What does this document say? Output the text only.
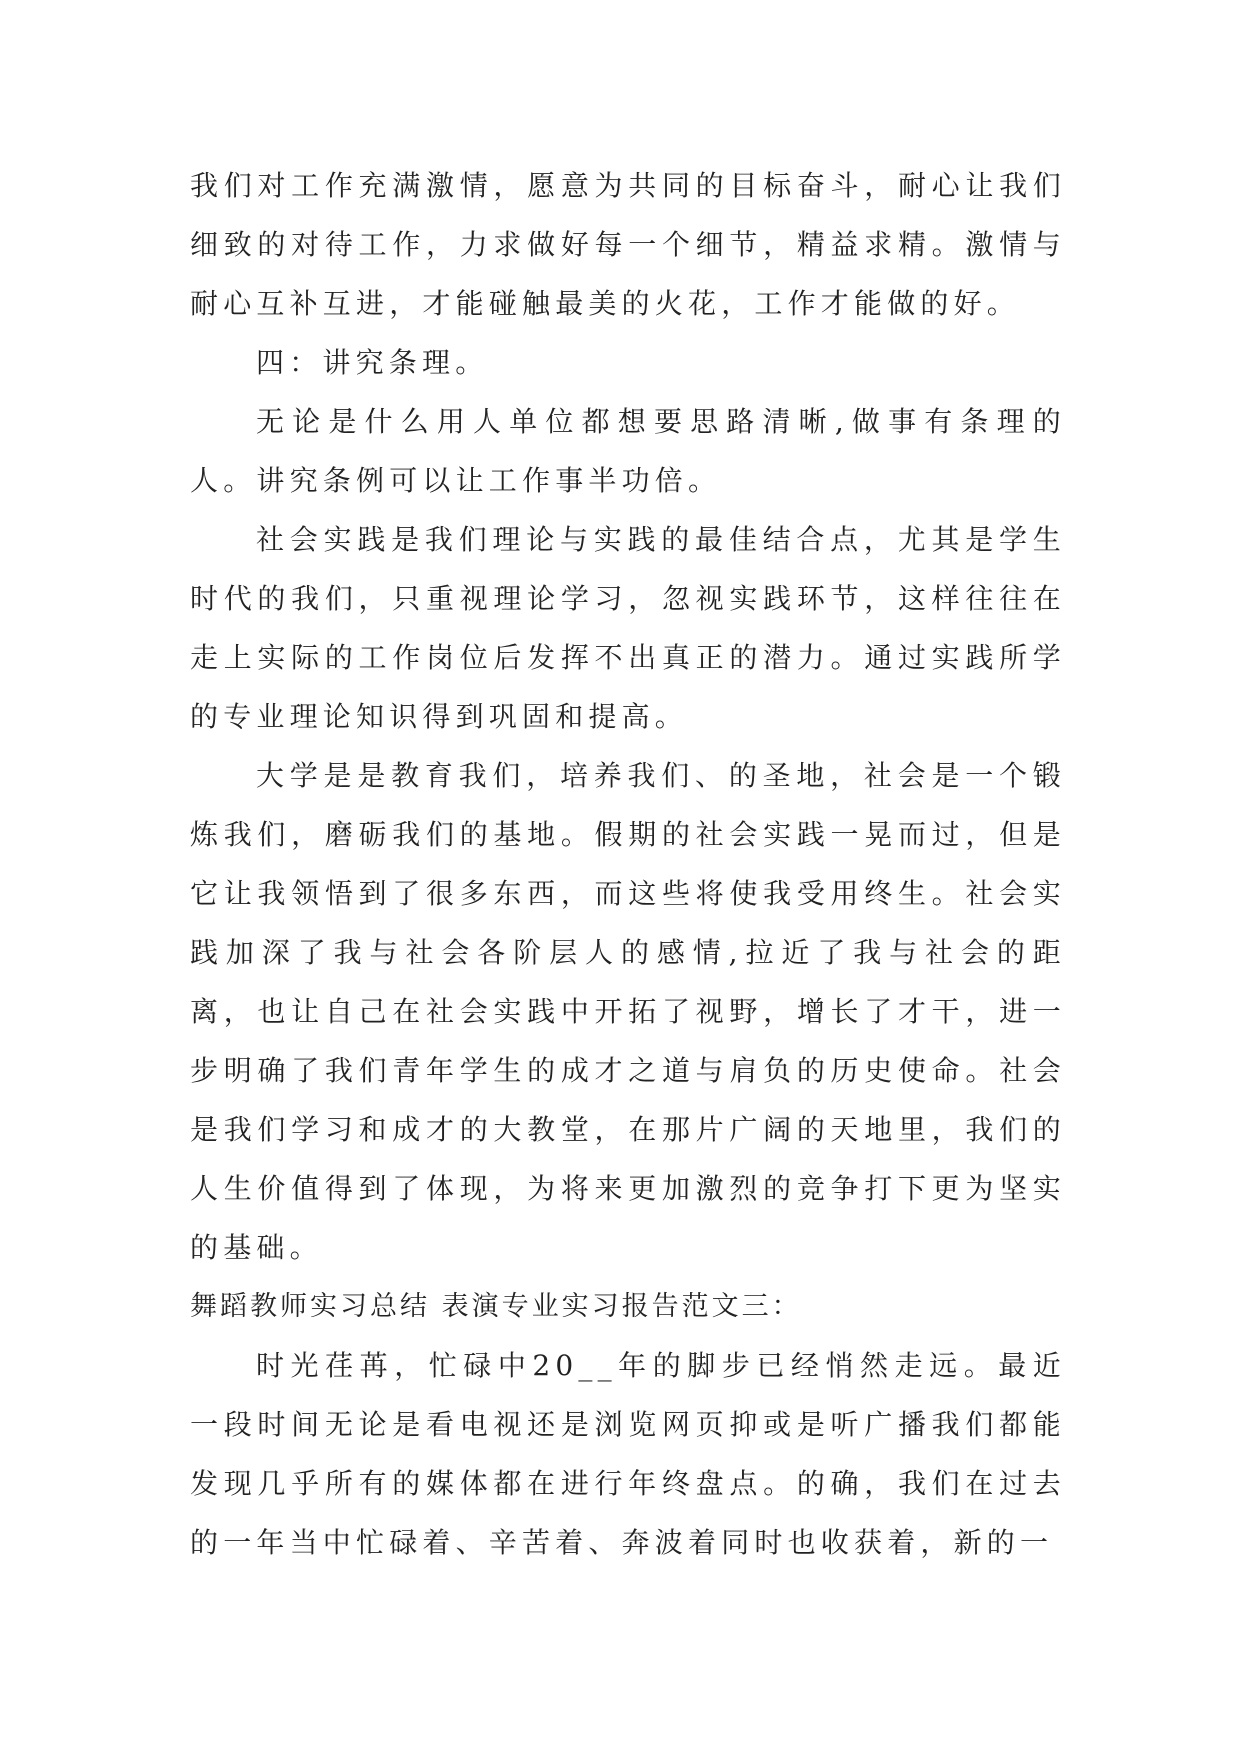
我们对工作充满激情，愿意为共同的目标奋斗，耐心让我们细致的对待工作，力求做好每一个细节，精益求精。激情与耐心互补互进，才能碰触最美的火花，工作才能做的好。

四：讲究条理。

无论是什么用人单位都想要思路清晰,做事有条理的人。讲究条例可以让工作事半功倍。

社会实践是我们理论与实践的最佳结合点，尤其是学生时代的我们，只重视理论学习，忽视实践环节，这样往往在走上实际的工作岗位后发挥不出真正的潜力。通过实践所学的专业理论知识得到巩固和提高。

大学是是教育我们，培养我们、的圣地，社会是一个锻炼我们，磨砺我们的基地。假期的社会实践一晃而过，但是它让我领悟到了很多东西，而这些将使我受用终生。社会实践加深了我与社会各阶层人的感情,拉近了我与社会的距离，也让自己在社会实践中开拓了视野，增长了才干，进一步明确了我们青年学生的成才之道与肩负的历史使命。社会是我们学习和成才的大教堂，在那片广阔的天地里，我们的人生价值得到了体现，为将来更加激烈的竞争打下更为坚实的基础。

舞蹈教师实习总结 表演专业实习报告范文三：

时光荏苒，忙碌中20__年的脚步已经悄然走远。最近一段时间无论是看电视还是浏览网页抑或是听广播我们都能发现几乎所有的媒体都在进行年终盘点。的确，我们在过去的一年当中忙碌着、辛苦着、奔波着同时也收获着，新的一
